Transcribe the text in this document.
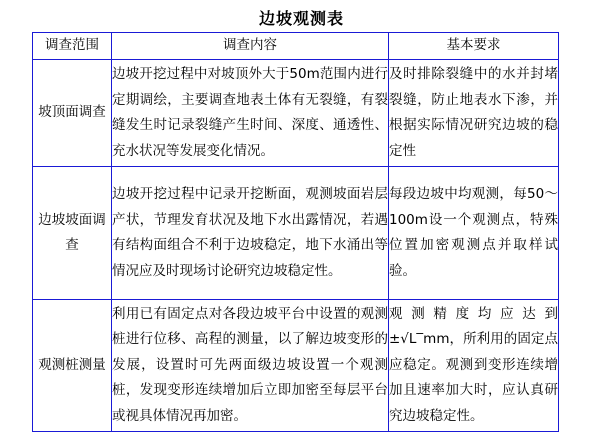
边坡观测表
调查范围	调查内容	基本要求
坡顶面调查	边坡开挖过程中对坡顶外大于50m范围内进行定期调绘，主要调查地表土体有无裂缝，有裂缝发生时记录裂缝产生时间、深度、通透性、充水状况等发展变化情况。	及时排除裂缝中的水并封堵裂缝，防止地表水下渗，并根据实际情况研究边坡的稳定性
边坡坡面调查	边坡开挖过程中记录开挖断面，观测坡面岩层产状，节理发育状况及地下水出露情况，若遇有结构面组合不利于边坡稳定，地下水涌出等情况应及时现场讨论研究边坡稳定性。	每段边坡中均观测，每50～100m设一个观测点，特殊位置加密观测点并取样试验。
观测桩测量	利用已有固定点对各段边坡平台中设置的观测桩进行位移、高程的测量，以了解边坡变形的发展，设置时可先两面级边坡设置一个观测桩，发现变形连续增加后立即加密至每层平台或视具体情况再加密。	观测精度均应达到±√L‾mm，所利用的固定点应稳定。观测到变形连续增加且速率加大时，应认真研究边坡稳定性。
